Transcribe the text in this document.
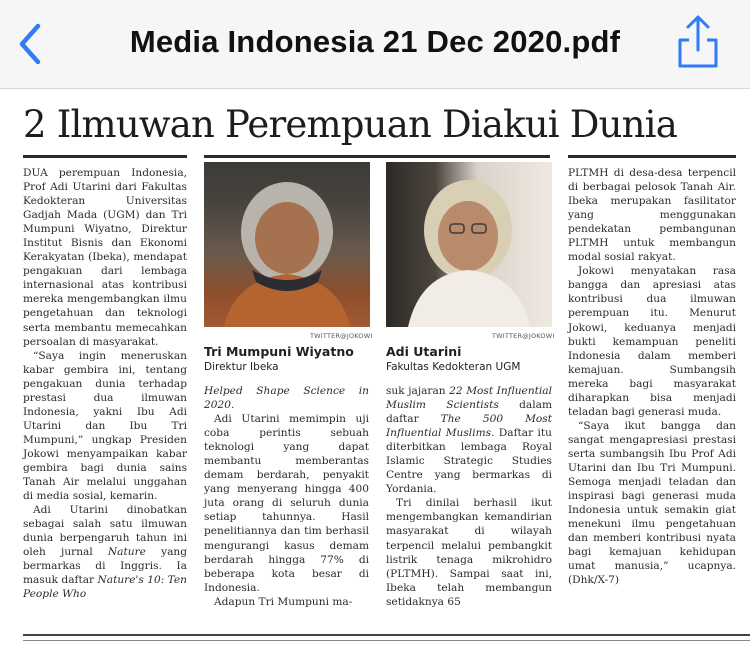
Media Indonesia 21 Dec 2020.pdf
2 Ilmuwan Perempuan Diakui Dunia

DUA perempuan Indonesia, Prof Adi Utarini dari Fakultas Kedokteran Universitas Gadjah Mada (UGM) dan Tri Mumpuni Wiyatno, Direktur Institut Bisnis dan Ekonomi Kerakyatan (Ibeka), mendapat pengakuan dari lembaga internasional atas kontribusi mereka mengembangkan ilmu pengetahuan dan teknologi serta membantu memecahkan persoalan di masyarakat.

“Saya ingin meneruskan kabar gembira ini, tentang pengakuan dunia terhadap prestasi dua ilmuwan Indonesia, yakni Ibu Adi Utarini dan Ibu Tri Mumpuni,” ungkap Presiden Jokowi menyampaikan kabar gembira bagi dunia sains Tanah Air melalui unggahan di media sosial, kemarin.

Adi Utarini dinobatkan sebagai salah satu ilmuwan dunia berpengaruh tahun ini oleh jurnal Nature yang bermarkas di Inggris. Ia masuk daftar Nature's 10: Ten People Who

TWITTER@JOKOWI	TWITTER@JOKOWI
Tri Mumpuni Wiyatno
Direktur Ibeka
Adi Utarini
Fakultas Kedokteran UGM

Helped Shape Science in 2020.

Adi Utarini memimpin uji coba perintis sebuah teknologi yang dapat membantu memberantas demam berdarah, penyakit yang menyerang hingga 400 juta orang di seluruh dunia setiap tahunnya. Hasil penelitiannya dan tim berhasil mengurangi kasus demam berdarah hingga 77% di beberapa kota besar di Indonesia.

Adapun Tri Mumpuni ma-

suk jajaran 22 Most Influential Muslim Scientists dalam daftar The 500 Most Influential Muslims. Daftar itu diterbitkan lembaga Royal Islamic Strategic Studies Centre yang bermarkas di Yordania.

Tri dinilai berhasil ikut mengembangkan kemandirian masyarakat di wilayah terpencil melalui pembangkit listrik tenaga mikrohidro (PLTMH). Sampai saat ini, Ibeka telah membangun setidaknya 65

PLTMH di desa-desa terpencil di berbagai pelosok Tanah Air. Ibeka merupakan fasilitator yang menggunakan pendekatan pembangunan PLTMH untuk membangun modal sosial rakyat.

Jokowi menyatakan rasa bangga dan apresiasi atas kontribusi dua ilmuwan perempuan itu. Menurut Jokowi, keduanya menjadi bukti kemampuan peneliti Indonesia dalam memberi kemajuan. Sumbangsih mereka bagi masyarakat diharapkan bisa menjadi teladan bagi generasi muda.

“Saya ikut bangga dan sangat mengapresiasi prestasi serta sumbangsih Ibu Prof Adi Utarini dan Ibu Tri Mumpuni. Semoga menjadi teladan dan inspirasi bagi generasi muda Indonesia untuk semakin giat menekuni ilmu pengetahuan dan memberi kontribusi nyata bagi kemajuan kehidupan umat manusia,” ucapnya. (Dhk/X-7)
